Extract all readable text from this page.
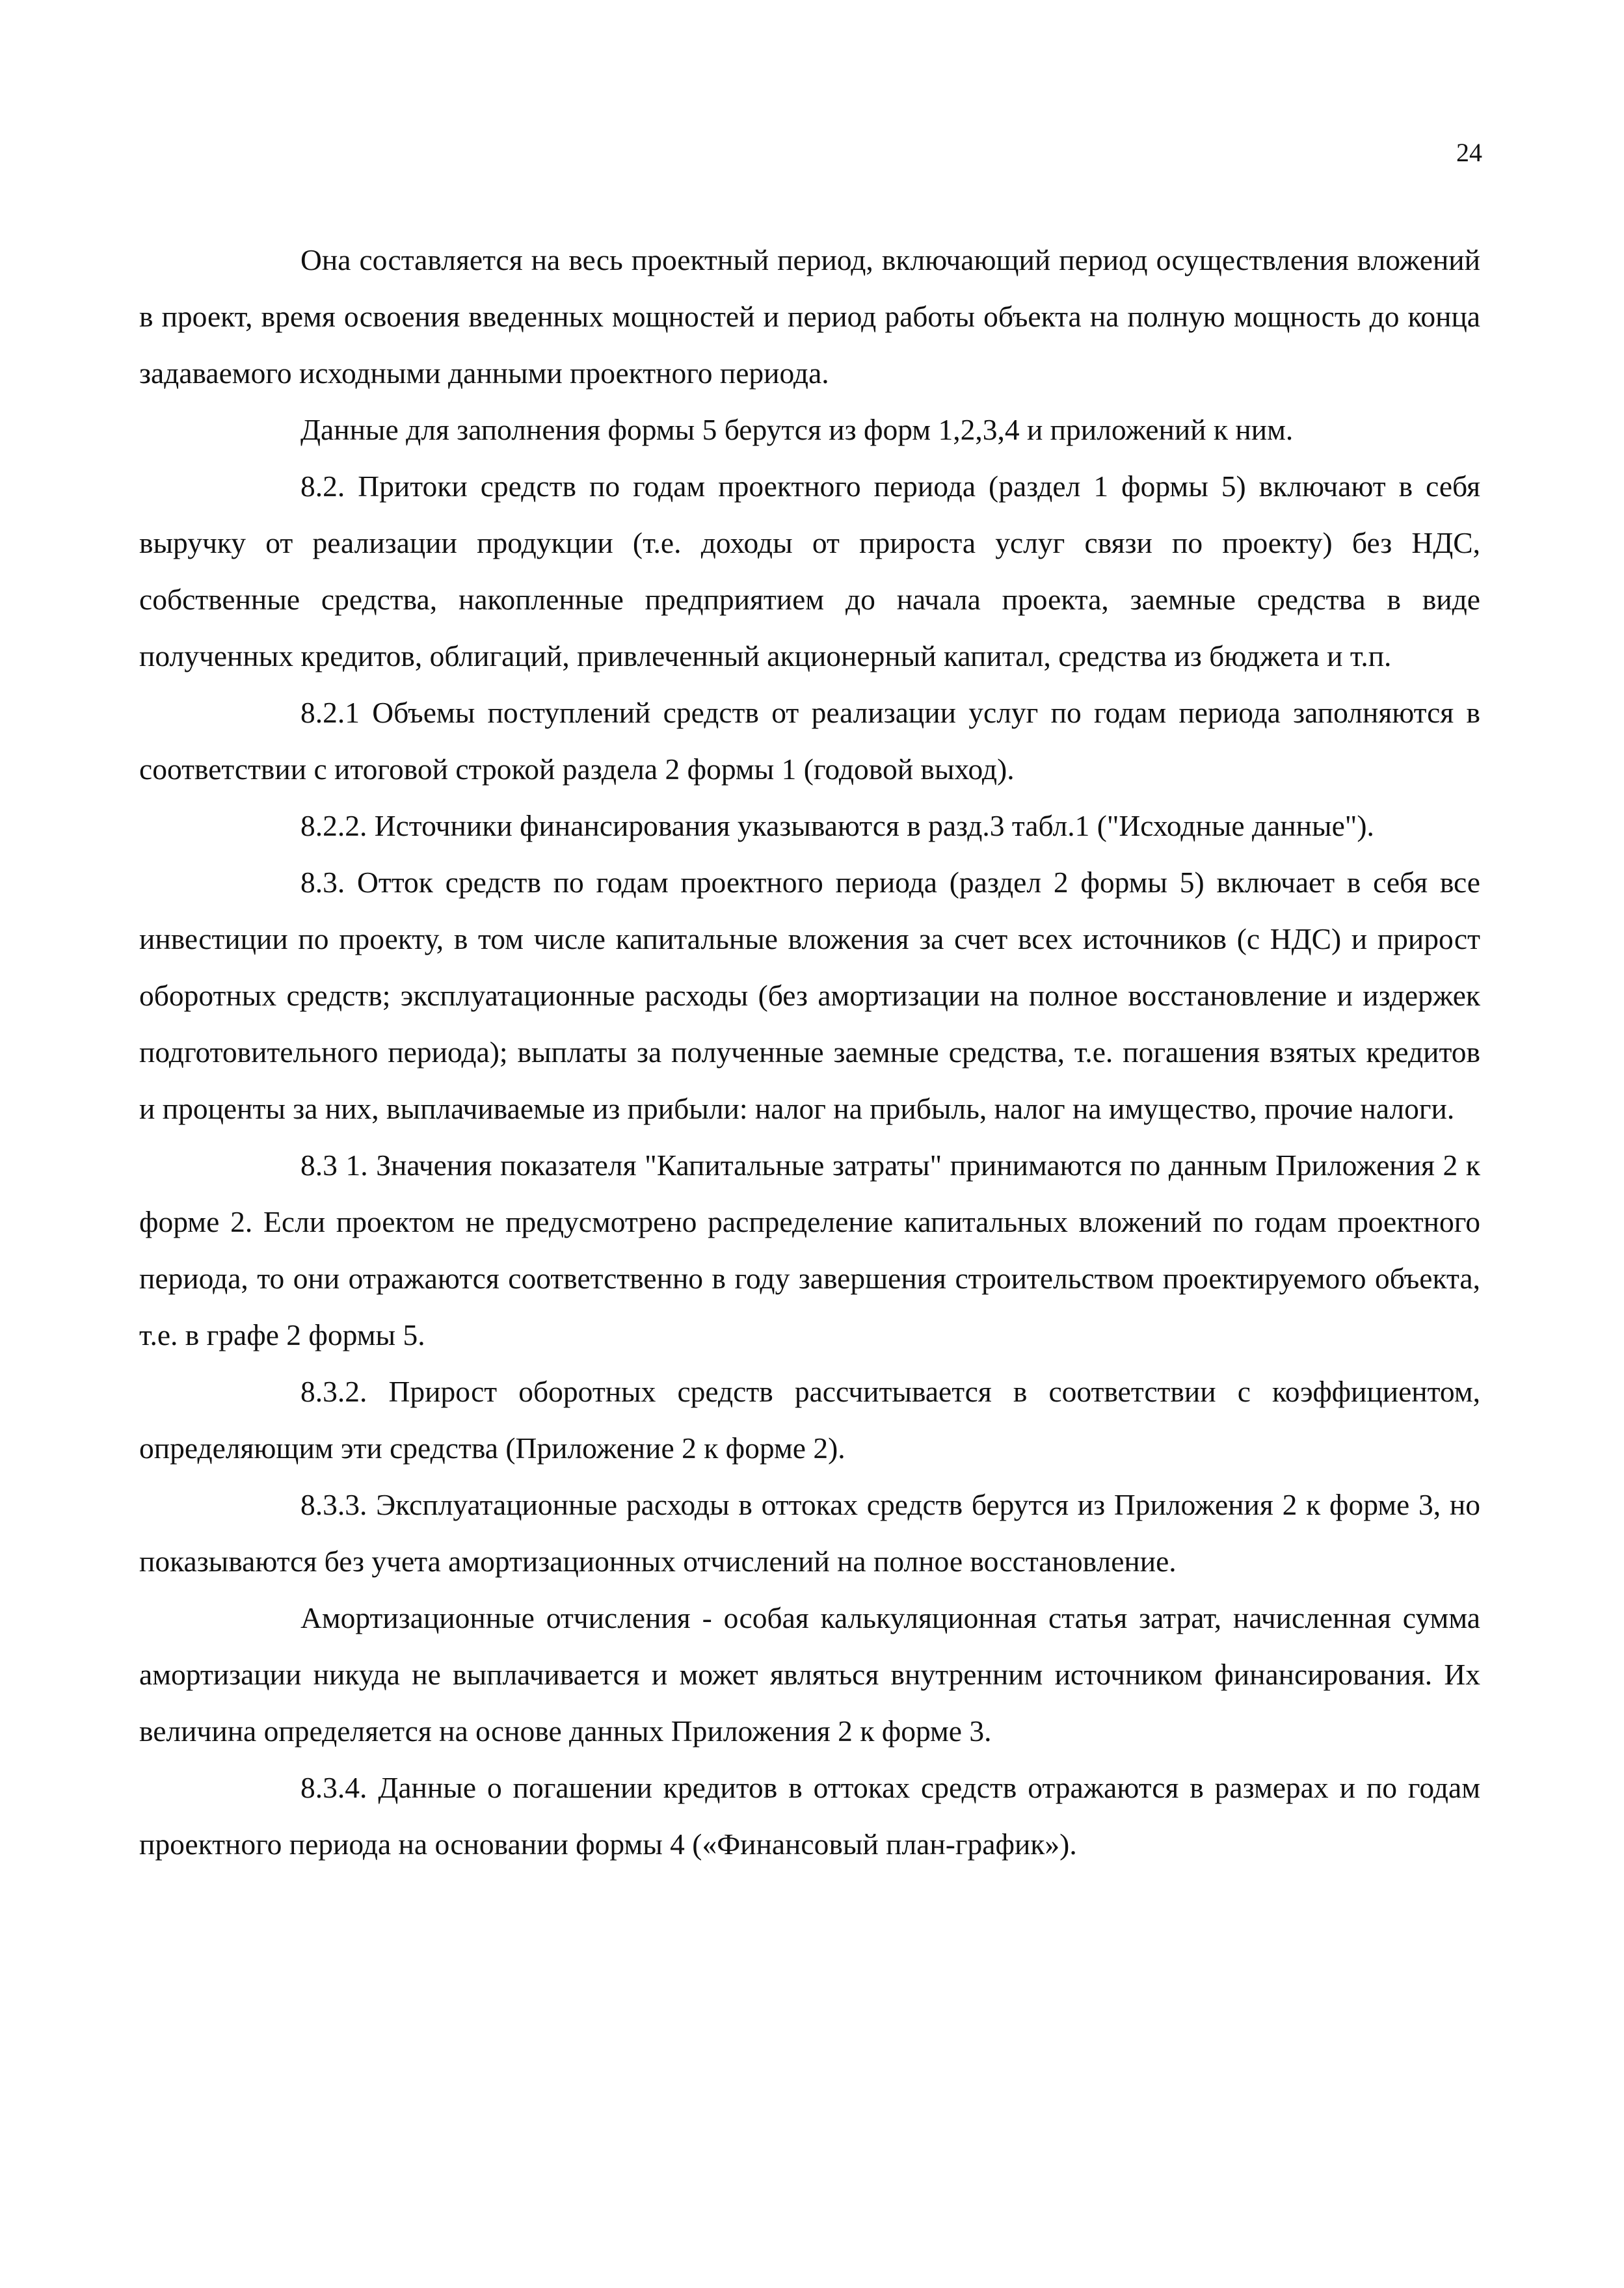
24

Она составляется на весь проектный период, включающий период осуществления вложений в проект, время освоения введенных мощностей и период работы объекта на полную мощность до конца задаваемого исходными данными проектного периода.

Данные для заполнения формы 5 берутся из форм 1,2,3,4 и приложений к ним.

8.2. Притоки средств по годам проектного периода (раздел 1 формы 5) включают в себя выручку от реализации продукции (т.е. доходы от прироста услуг связи по проекту) без НДС, собственные средства, накопленные предприятием до начала проекта, заемные средства в виде полученных кредитов, облигаций, привлеченный акционерный капитал, средства из бюджета и т.п.

8.2.1 Объемы поступлений средств от реализации услуг по годам периода заполняются в соответствии с итоговой строкой раздела 2 формы 1 (годовой выход).

8.2.2. Источники финансирования указываются в разд.3 табл.1 ("Исходные данные").

8.3. Отток средств по годам проектного периода (раздел 2 формы 5) включает в себя все инвестиции по проекту, в том числе капитальные вложения за счет всех источников (с НДС) и прирост оборотных средств; эксплуатационные расходы (без амортизации на полное восстановление и издержек подготовительного периода); выплаты за полученные заемные средства, т.е. погашения взятых кредитов и проценты за них, выплачиваемые из прибыли: налог на прибыль, налог на имущество, прочие налоги.

8.3 1. Значения показателя "Капитальные затраты" принимаются по данным Приложения 2 к форме 2. Если проектом не предусмотрено распределение капитальных вложений по годам проектного периода, то они отражаются соответственно в году завершения строительством проектируемого объекта, т.е. в графе 2 формы 5.

8.3.2. Прирост оборотных средств рассчитывается в соответствии с коэффициентом, определяющим эти средства (Приложение 2 к форме 2).

8.3.3. Эксплуатационные расходы в оттоках средств берутся из Приложения 2 к форме 3, но показываются без учета амортизационных отчислений на полное восстановление.

Амортизационные отчисления - особая калькуляционная статья затрат, начисленная сумма амортизации никуда не выплачивается и может являться внутренним источником финансирования. Их величина определяется на основе данных Приложения 2 к форме 3.

8.3.4. Данные о погашении кредитов в оттоках средств отражаются в размерах и по годам проектного периода на основании формы 4 («Финансовый план-график»).
